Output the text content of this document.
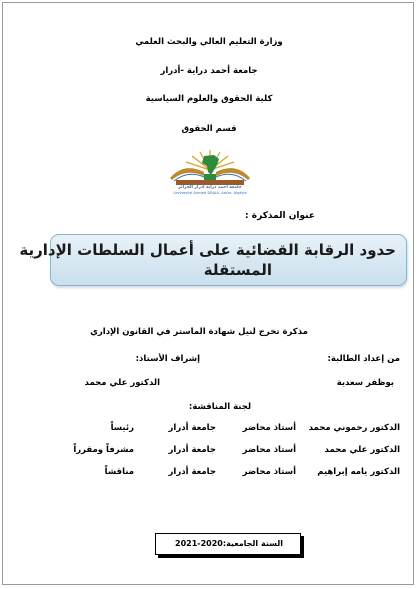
وزارة التعليم العالي والبحث العلمي
جامعة أحمد دراية -أدرار
كلية الحقوق والعلوم السياسية
قسم الحقوق
جامعة أحمد دراية أدرار الجزائر
Université Ahmed DRAIA- Adrar- Algérie
عنوان المذكرة :
حدود الرقابة القضائية على أعمال السلطات الإدارية
المستقلة
مذكرة تخرج لنيل شهادة الماستر في القانون الإداري
من إعداد الطالبة:
إشراف الأستاذ:
بوظفر سعدية
الدكتور علي محمد
لجنة المناقشة:
الدكتور رحموني محمد
أستاذ محاضر
جامعة أدرار
رئيساً
الدكتور علي محمد
أستاذ محاضر
جامعة أدرار
مشرفاً ومقرراً
الدكتور يامه إبراهيم
أستاذ محاضر
جامعة أدرار
مناقشاً
السنة الجامعية:2020-2021
